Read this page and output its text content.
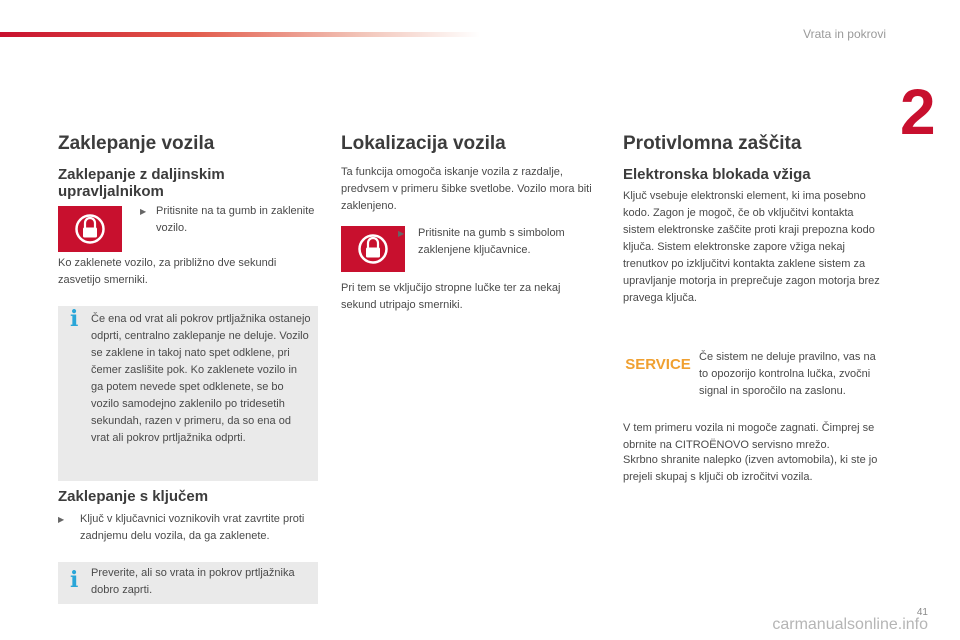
Vrata in pokrovi
2
Zaklepanje vozila
Zaklepanje z daljinskim upravljalnikom
▶ Pritisnite na ta gumb in zaklenite vozilo.

Ko zaklenete vozilo, za približno dve sekundi zasvetijo smerniki.

i Če ena od vrat ali pokrov prtljažnika ostanejo odprti, centralno zaklepanje ne deluje. Vozilo se zaklene in takoj nato spet odklene, pri čemer zaslišite pok. Ko zaklenete vozilo in ga potem nevede spet odklenete, se bo vozilo samodejno zaklenilo po tridesetih sekundah, razen v primeru, da so ena od vrat ali pokrov prtljažnika odprti.

Zaklepanje s ključem
▶	Ključ v ključavnici voznikovih vrat zavrtite proti zadnjemu delu vozila, da ga zaklenete.
i Preverite, ali so vrata in pokrov prtljažnika dobro zaprti.

Lokalizacija vozila

Ta funkcija omogoča iskanje vozila z razdalje, predvsem v primeru šibke svetlobe. Vozilo mora biti zaklenjeno.

▶	Pritisnite na gumb s simbolom zaklenjene ključavnice.

Pri tem se vključijo stropne lučke ter za nekaj sekund utripajo smerniki.

Protivlomna zaščita
Elektronska blokada vžiga

Ključ vsebuje elektronski element, ki ima posebno kodo. Zagon je mogoč, če ob vključitvi kontakta sistem elektronske zaščite proti kraji prepozna kodo ključa. Sistem elektronske zapore vžiga nekaj trenutkov po izključitvi kontakta zaklene sistem za upravljanje motorja in preprečuje zagon motorja brez pravega ključa.

SERVICE Če sistem ne deluje pravilno, vas na to opozorijo kontrolna lučka, zvočni signal in sporočilo na zaslonu.

V tem primeru vozila ni mogoče zagnati. Čimprej se obrnite na CITROËNOVO servisno mrežo.

Skrbno shranite nalepko (izven avtomobila), ki ste jo prejeli skupaj s ključi ob izročitvi vozila.

41
carmanualsonline.info
